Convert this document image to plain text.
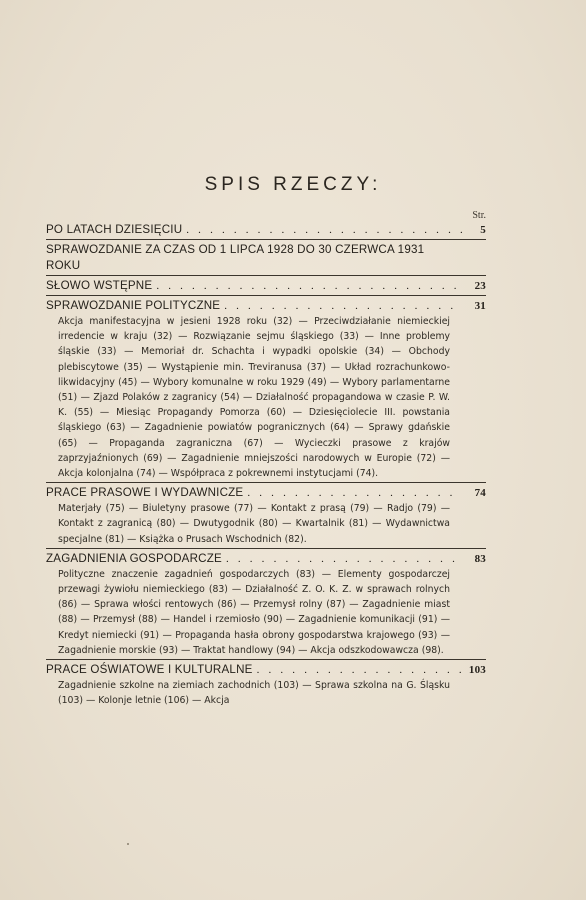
SPIS RZECZY:
Str.
PO LATACH DZIESIĘCIU . . .	5
SPRAWOZDANIE ZA CZAS OD 1 LIPCA 1928 DO 30 CZERWCA 1931 ROKU
SŁOWO WSTĘPNE . . .	23
SPRAWOZDANIE POLITYCZNE . . .	31
Akcja manifestacyjna w jesieni 1928 roku (32) — Przeciwdziałanie niemieckiej irredencie w kraju (32) — Rozwiązanie sejmu śląskiego (33) — Inne problemy śląskie (33) — Memoriał dr. Schachta i wypadki opolskie (34) — Obchody plebiscytowe (35) — Wystąpienie min. Treviranusa (37) — Układ rozrachunkowo-likwidacyjny (45) — Wybory komunalne w roku 1929 (49) — Wybory parlamentarne (51) — Zjazd Polaków z zagranicy (54) — Działalność propagandowa w czasie P. W. K. (55) — Miesiąc Propagandy Pomorza (60) — Dziesięciolecie III. powstania śląskiego (63) — Zagadnienie powiatów pogranicznych (64) — Sprawy gdańskie (65) — Propaganda zagraniczna (67) — Wycieczki prasowe z krajów zaprzyjaźnionych (69) — Zagadnienie mniejszości narodowych w Europie (72) — Akcja kolonjalna (74) — Współpraca z pokrewnemi instytucjami (74).
PRACE PRASOWE I WYDAWNICZE . . .	74
Materjały (75) — Biuletyny prasowe (77) — Kontakt z prasą (79) — Radjo (79) — Kontakt z zagranicą (80) — Dwutygodnik (80) — Kwartalnik (81) — Wydawnictwa specjalne (81) — Książka o Prusach Wschodnich (82).
ZAGADNIENIA GOSPODARCZE . . .	83
Polityczne znaczenie zagadnień gospodarczych (83) — Elementy gospodarczej przewagi żywiołu niemieckiego (83) — Działalność Z. O. K. Z. w sprawach rolnych (86) — Sprawa włości rentowych (86) — Przemysł rolny (87) — Zagadnienie miast (88) — Przemysł (88) — Handel i rzemiosło (90) — Zagadnienie komunikacji (91) — Kredyt niemiecki (91) — Propaganda hasła obrony gospodarstwa krajowego (93) — Zagadnienie morskie (93) — Traktat handlowy (94) — Akcja odszkodowawcza (98).
PRACE OŚWIATOWE I KULTURALNE . . .	103
Zagadnienie szkolne na ziemiach zachodnich (103) — Sprawa szkolna na G. Śląsku (103) — Kolonje letnie (106) — Akcja
